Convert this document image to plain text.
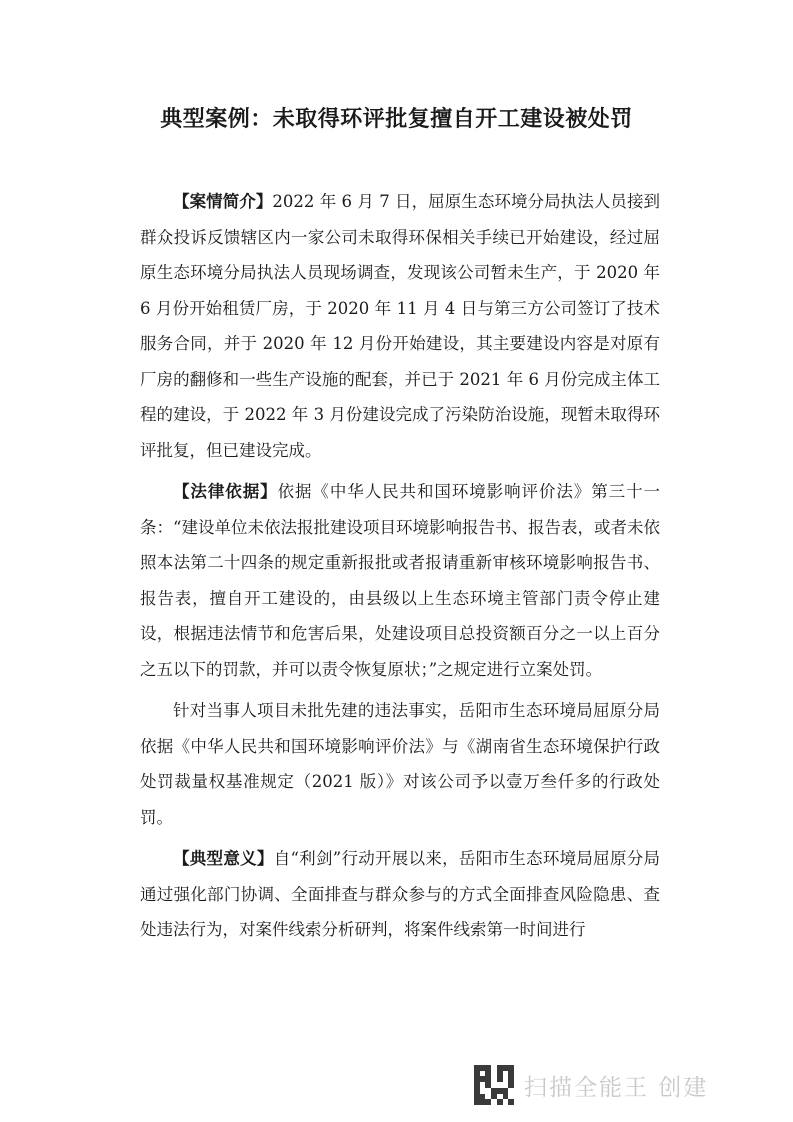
典型案例：未取得环评批复擅自开工建设被处罚

【案情简介】2022 年 6 月 7 日，屈原生态环境分局执法人员接到群众投诉反馈辖区内一家公司未取得环保相关手续已开始建设，经过屈原生态环境分局执法人员现场调查，发现该公司暂未生产，于 2020 年 6 月份开始租赁厂房，于 2020 年 11 月 4 日与第三方公司签订了技术服务合同，并于 2020 年 12 月份开始建设，其主要建设内容是对原有厂房的翻修和一些生产设施的配套，并已于 2021 年 6 月份完成主体工程的建设，于 2022 年 3 月份建设完成了污染防治设施，现暂未取得环评批复，但已建设完成。

【法律依据】依据《中华人民共和国环境影响评价法》第三十一条：“建设单位未依法报批建设项目环境影响报告书、报告表，或者未依照本法第二十四条的规定重新报批或者报请重新审核环境影响报告书、报告表，擅自开工建设的，由县级以上生态环境主管部门责令停止建设，根据违法情节和危害后果，处建设项目总投资额百分之一以上百分之五以下的罚款，并可以责令恢复原状；”之规定进行立案处罚。

针对当事人项目未批先建的违法事实，岳阳市生态环境局屈原分局依据《中华人民共和国环境影响评价法》与《湖南省生态环境保护行政处罚裁量权基准规定（2021 版）》对该公司予以壹万叁仟多的行政处罚。

【典型意义】自“利剑”行动开展以来，岳阳市生态环境局屈原分局通过强化部门协调、全面排查与群众参与的方式全面排查风险隐患、查处违法行为，对案件线索分析研判，将案件线索第一时间进行

扫描全能王 创建
